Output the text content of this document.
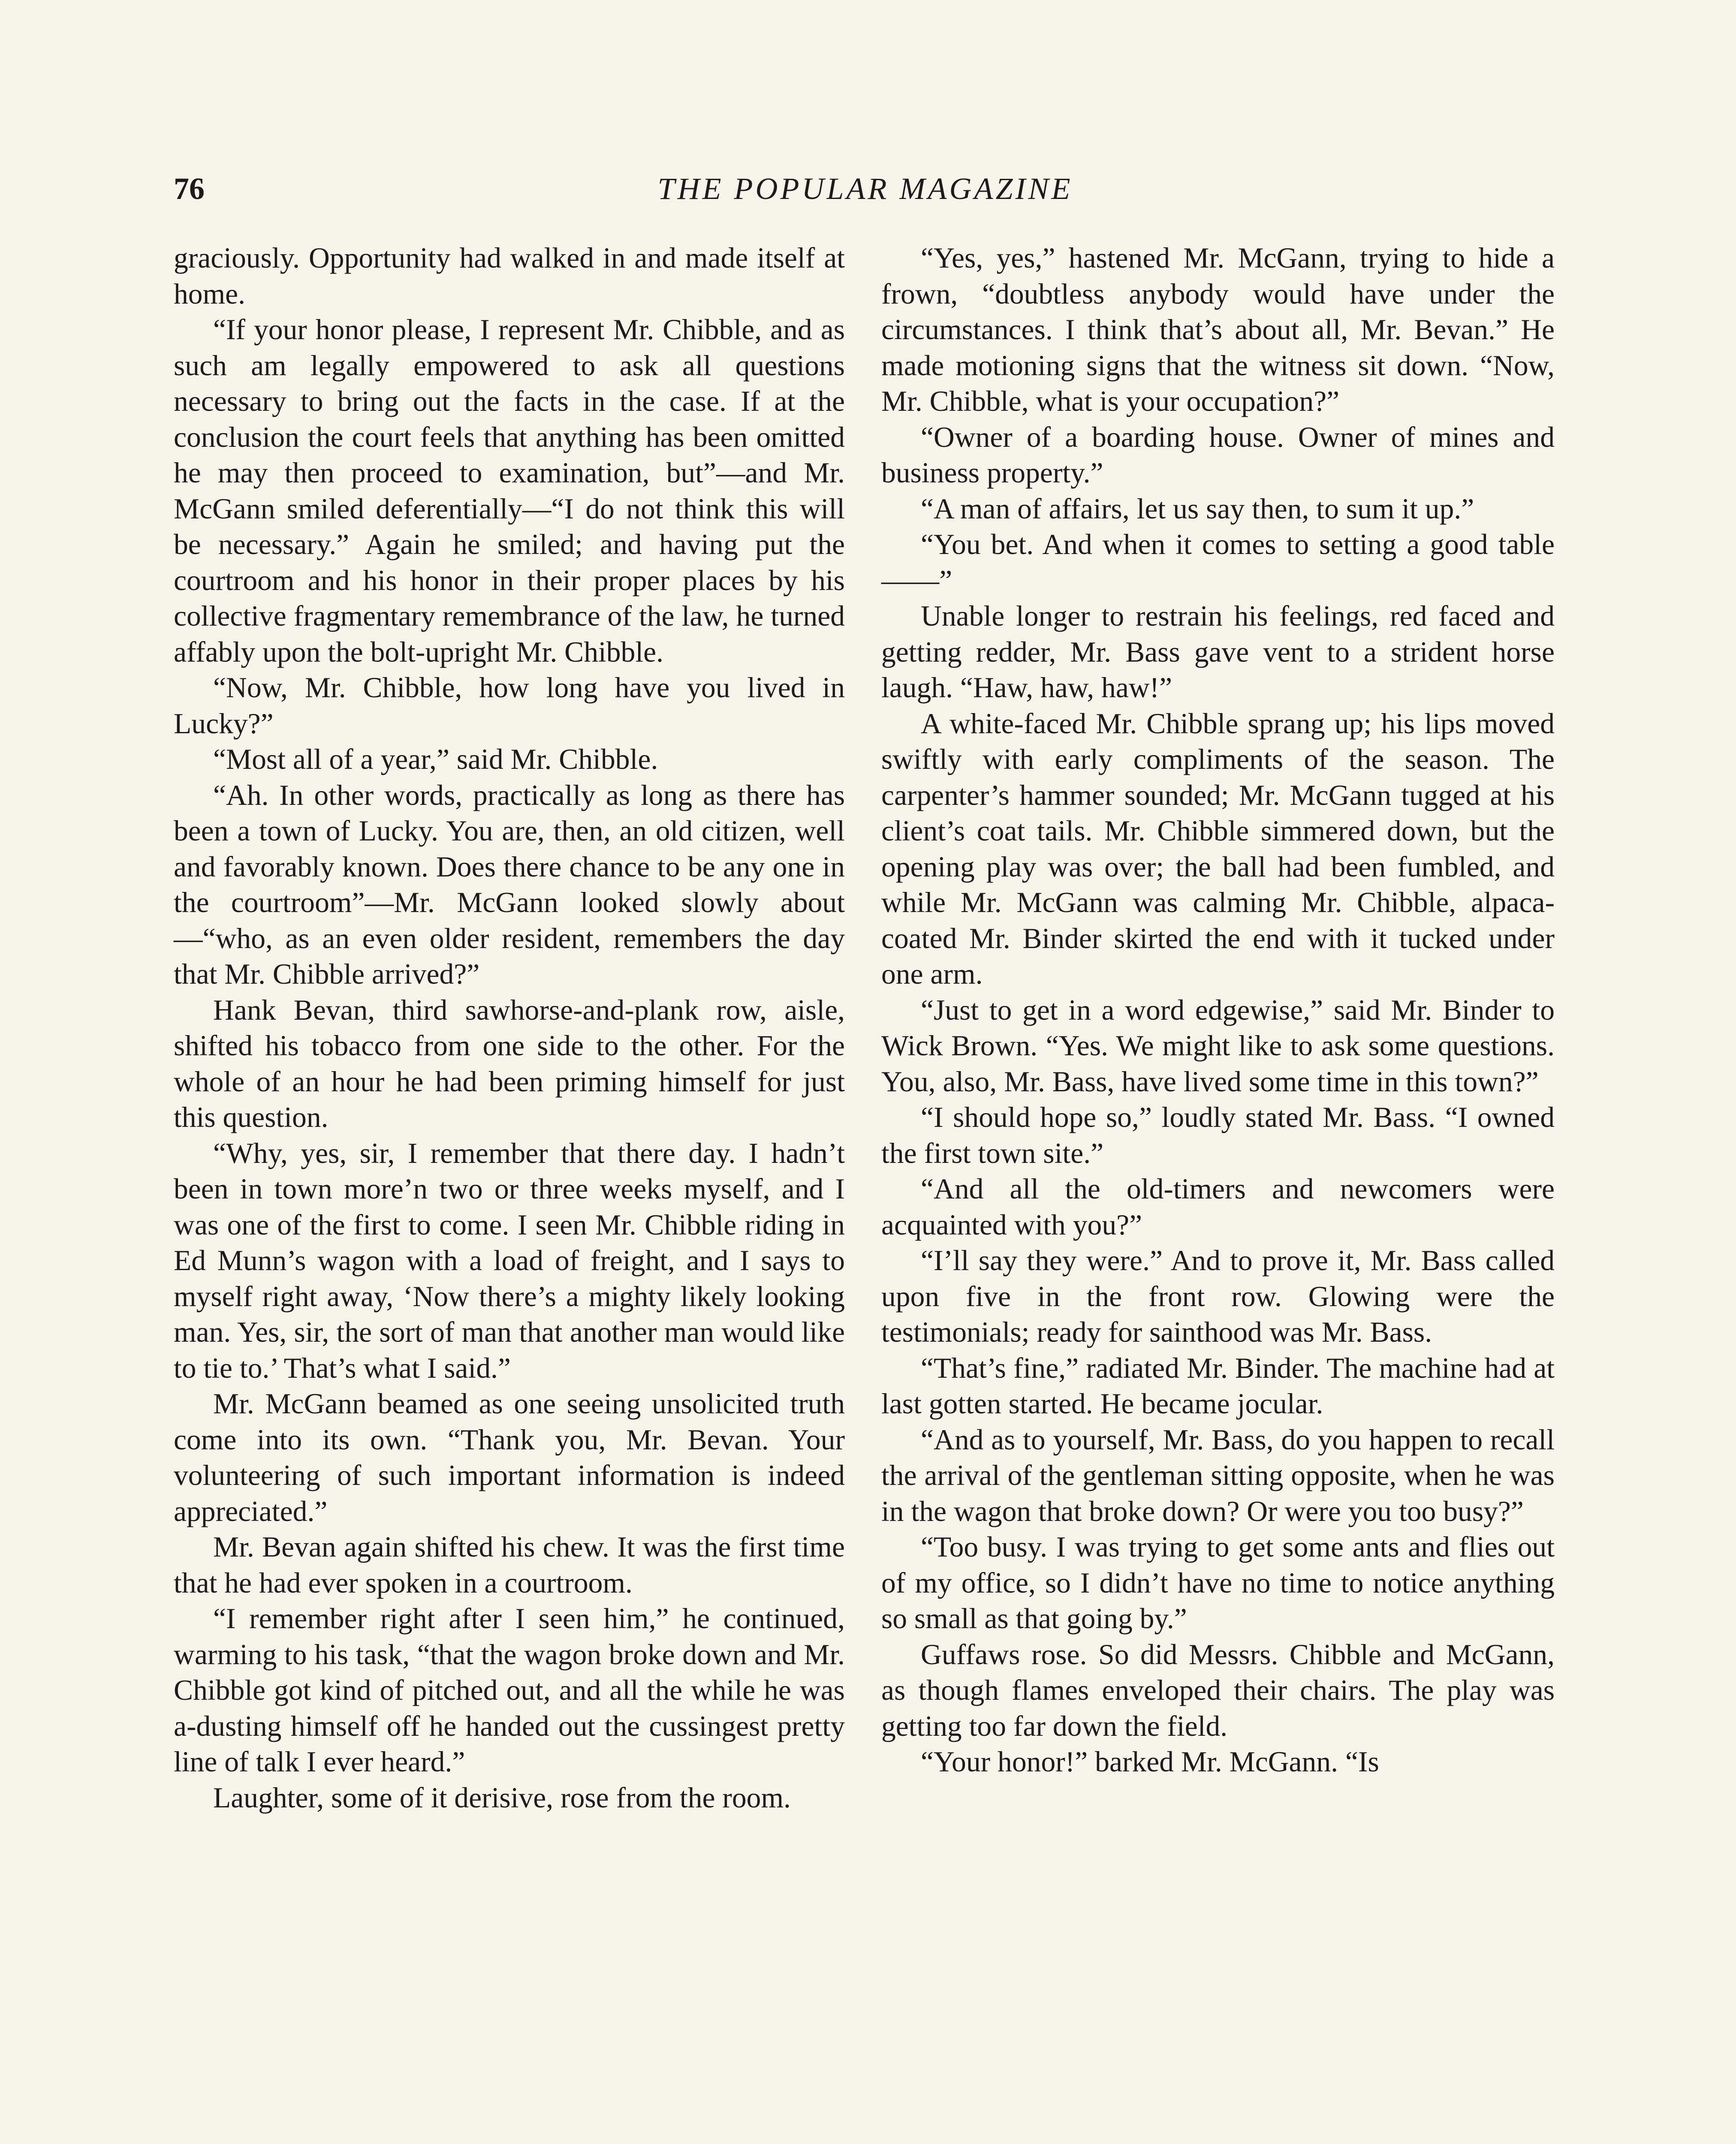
76	THE POPULAR MAGAZINE

graciously. Opportunity had walked in and made itself at home.

“If your honor please, I represent Mr. Chibble, and as such am legally empowered to ask all questions necessary to bring out the facts in the case. If at the conclusion the court feels that anything has been omitted he may then proceed to examination, but”—and Mr. McGann smiled deferentially—“I do not think this will be necessary.” Again he smiled; and having put the courtroom and his honor in their proper places by his collective fragmentary remembrance of the law, he turned affably upon the bolt-upright Mr. Chibble.

“Now, Mr. Chibble, how long have you lived in Lucky?”

“Most all of a year,” said Mr. Chibble.

“Ah. In other words, practically as long as there has been a town of Lucky. You are, then, an old citizen, well and favorably known. Does there chance to be any one in the courtroom”—Mr. McGann looked slowly about—“who, as an even older resident, remembers the day that Mr. Chibble arrived?”

Hank Bevan, third sawhorse-and-plank row, aisle, shifted his tobacco from one side to the other. For the whole of an hour he had been priming himself for just this question.

“Why, yes, sir, I remember that there day. I hadn’t been in town more’n two or three weeks myself, and I was one of the first to come. I seen Mr. Chibble riding in Ed Munn’s wagon with a load of freight, and I says to myself right away, ‘Now there’s a mighty likely looking man. Yes, sir, the sort of man that another man would like to tie to.’ That’s what I said.”

Mr. McGann beamed as one seeing unsolicited truth come into its own. “Thank you, Mr. Bevan. Your volunteering of such important information is indeed appreciated.”

Mr. Bevan again shifted his chew. It was the first time that he had ever spoken in a courtroom.

“I remember right after I seen him,” he continued, warming to his task, “that the wagon broke down and Mr. Chibble got kind of pitched out, and all the while he was a-dusting himself off he handed out the cussingest pretty line of talk I ever heard.”

Laughter, some of it derisive, rose from the room.

“Yes, yes,” hastened Mr. McGann, trying to hide a frown, “doubtless anybody would have under the circumstances. I think that’s about all, Mr. Bevan.” He made motioning signs that the witness sit down. “Now, Mr. Chibble, what is your occupation?”

“Owner of a boarding house. Owner of mines and business property.”

“A man of affairs, let us say then, to sum it up.”

“You bet. And when it comes to setting a good table——”

Unable longer to restrain his feelings, red faced and getting redder, Mr. Bass gave vent to a strident horse laugh. “Haw, haw, haw!”

A white-faced Mr. Chibble sprang up; his lips moved swiftly with early compliments of the season. The carpenter’s hammer sounded; Mr. McGann tugged at his client’s coat tails. Mr. Chibble simmered down, but the opening play was over; the ball had been fumbled, and while Mr. McGann was calming Mr. Chibble, alpaca-coated Mr. Binder skirted the end with it tucked under one arm.

“Just to get in a word edgewise,” said Mr. Binder to Wick Brown. “Yes. We might like to ask some questions. You, also, Mr. Bass, have lived some time in this town?”

“I should hope so,” loudly stated Mr. Bass. “I owned the first town site.”

“And all the old-timers and newcomers were acquainted with you?”

“I’ll say they were.” And to prove it, Mr. Bass called upon five in the front row. Glowing were the testimonials; ready for sainthood was Mr. Bass.

“That’s fine,” radiated Mr. Binder. The machine had at last gotten started. He became jocular.

“And as to yourself, Mr. Bass, do you happen to recall the arrival of the gentleman sitting opposite, when he was in the wagon that broke down? Or were you too busy?”

“Too busy. I was trying to get some ants and flies out of my office, so I didn’t have no time to notice anything so small as that going by.”

Guffaws rose. So did Messrs. Chibble and McGann, as though flames enveloped their chairs. The play was getting too far down the field.

“Your honor!” barked Mr. McGann. “Is
